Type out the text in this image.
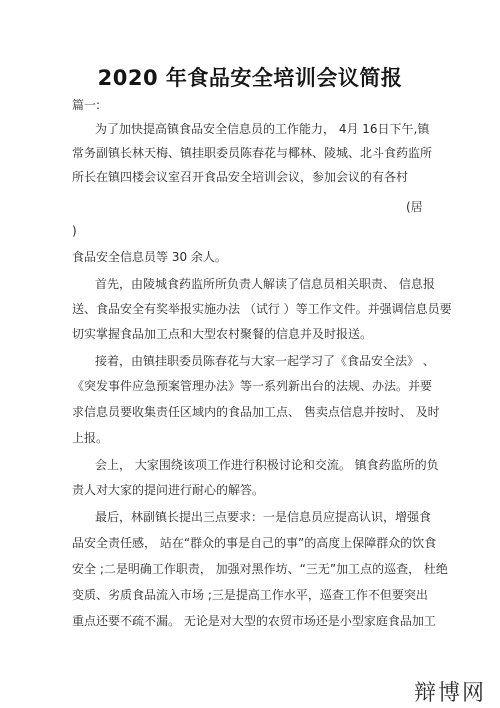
2020 年食品安全培训会议简报
篇一:
为了加快提高镇食品安全信息员的工作能力， 4月 16日下午,镇
常务副镇长林天梅、镇挂职委员陈春花与椰林、陵城、北斗食药监所
所长在镇四楼会议室召开食品安全培训会议，参加会议的有各村
(居
)
食品安全信息员等 30 余人。
首先，由陵城食药监所所负责人解读了信息员相关职责、 信息报
送、食品安全有奖举报实施办法 （试行 ）等工作文件。并强调信息员要
切实掌握食品加工点和大型农村聚餐的信息并及时报送。
接着，由镇挂职委员陈春花与大家一起学习了《食品安全法》 、
《突发事件应急预案管理办法》等一系列新出台的法规、办法。并要
求信息员要收集责任区域内的食品加工点、 售卖点信息并按时、 及时
上报。
会上， 大家围绕该项工作进行积极讨论和交流。 镇食药监所的负
责人对大家的提问进行耐心的解答。
最后，林副镇长提出三点要求：一是信息员应提高认识，增强食
品安全责任感， 站在“群众的事是自己的事”的高度上保障群众的饮食
安全 ;二是明确工作职责， 加强对黑作坊、“三无”加工点的巡查， 杜绝
变质、劣质食品流入市场 ;三是提高工作水平，巡查工作不但要突出
重点还要不疏不漏。 无论是对大型的农贸市场还是小型家庭食品加工
辩博网
